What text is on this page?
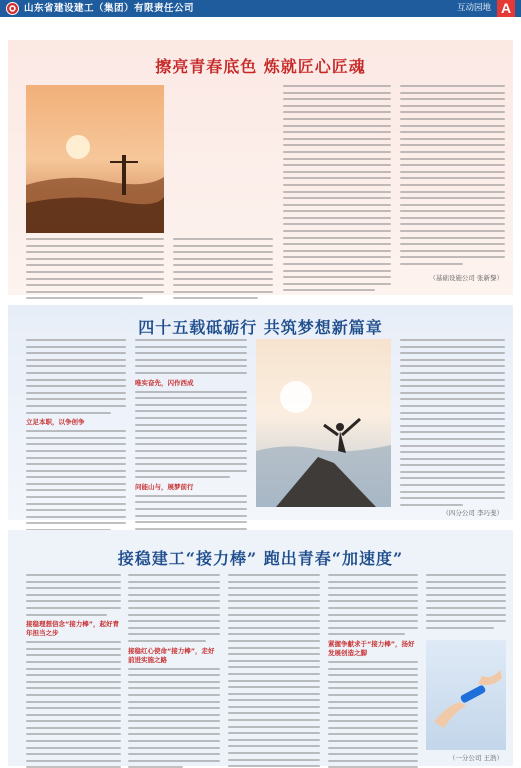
山东省建设建工（集团）有限责任公司	互动园地 A
擦亮青春底色 炼就匠心匠魂
（基础设施公司 张新黎）
四十五载砥砺行 共筑梦想新篇章
立足本职，以争创争
唯实奋先，闪作西成
问能山与，展梦前行
（四分公司 李巧斐）
接稳建工“接力棒” 跑出青春“加速度”
接稳理想信念“接力棒”，起好青年担当之步
接稳红心使命“接力棒”，走好前进实施之路
紧握争献求于“接力棒”，扬好发展创造之脚
（一分公司 王浩）
